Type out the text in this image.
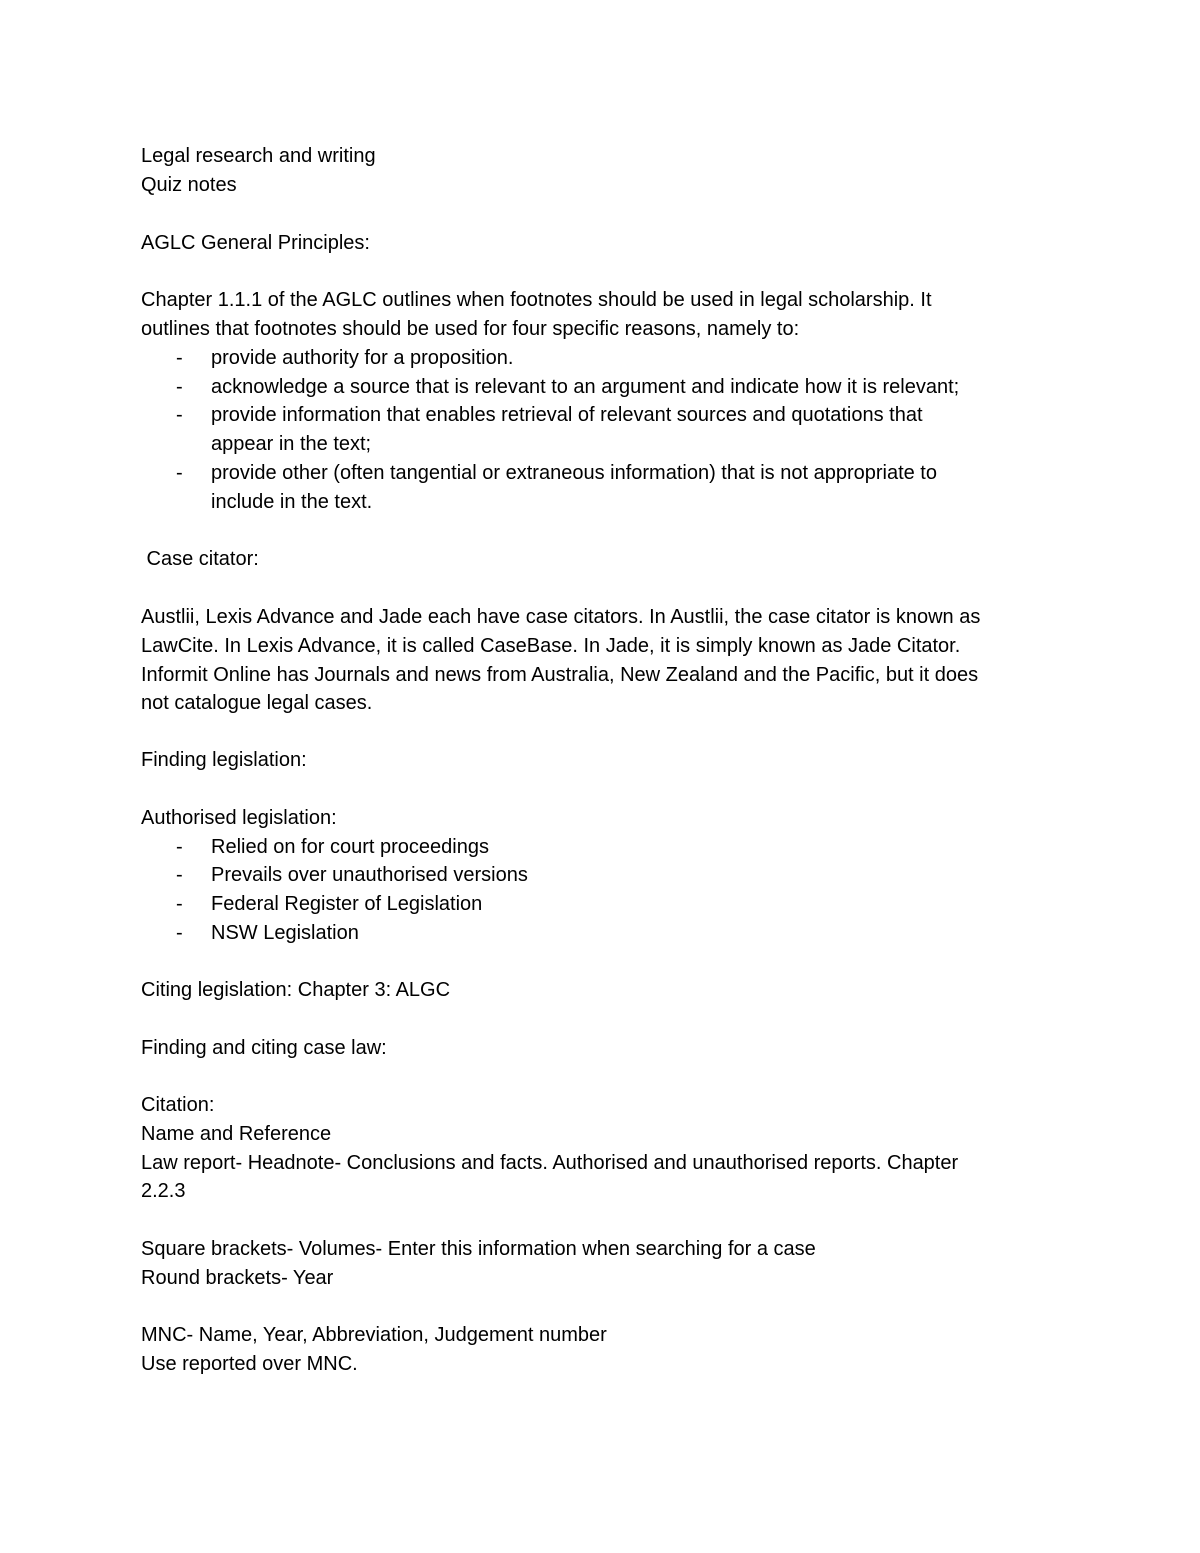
Legal research and writing
Quiz notes
AGLC General Principles:
Chapter 1.1.1 of the AGLC outlines when footnotes should be used in legal scholarship. It
outlines that footnotes should be used for four specific reasons, namely to:
- provide authority for a proposition.
- acknowledge a source that is relevant to an argument and indicate how it is relevant;
- provide information that enables retrieval of relevant sources and quotations that
appear in the text;
- provide other (often tangential or extraneous information) that is not appropriate to
include in the text.
Case citator:
Austlii, Lexis Advance and Jade each have case citators. In Austlii, the case citator is known as
LawCite. In Lexis Advance, it is called CaseBase. In Jade, it is simply known as Jade Citator.
Informit Online has Journals and news from Australia, New Zealand and the Pacific, but it does
not catalogue legal cases.
Finding legislation:
Authorised legislation:
- Relied on for court proceedings
- Prevails over unauthorised versions
- Federal Register of Legislation
- NSW Legislation
Citing legislation: Chapter 3: ALGC
Finding and citing case law:
Citation:
Name and Reference
Law report- Headnote- Conclusions and facts. Authorised and unauthorised reports. Chapter
2.2.3
Square brackets- Volumes- Enter this information when searching for a case
Round brackets- Year
MNC- Name, Year, Abbreviation, Judgement number
Use reported over MNC.
